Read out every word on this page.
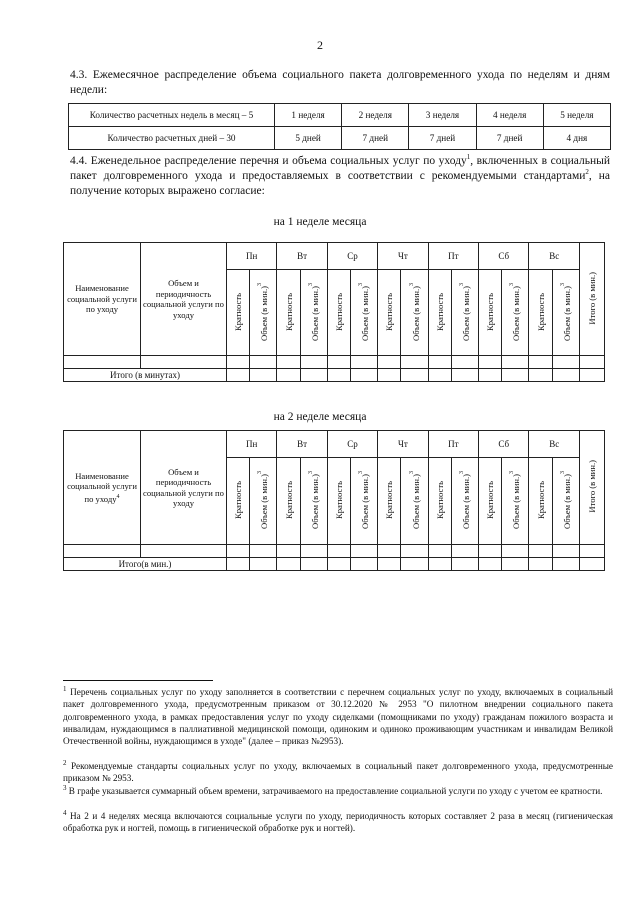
2
4.3. Ежемесячное распределение объема социального пакета долговременного ухода по неделям и дням недели:
Количество расчетных недель в месяц – 5	1 неделя	2 неделя	3 неделя	4 неделя	5 неделя
Количество расчетных дней – 30	5 дней	7 дней	7 дней	7 дней	4 дня
4.4. Еженедельное распределение перечня и объема социальных услуг по уходу$^1$, включенных в социальный пакет долговременного ухода и предоставляемых в соответствии с рекомендуемыми стандартами$^2$, на получение которых выражено согласие:
на 1 неделе месяца
Наименование социальной услуги по уходу	Объем и периодичность социальной услуги по уходу	Пн		Вт		Ср		Чт		Пт		Сб		Вс		Итого (в мин.)
		Кратность	Объем (в мин.)$^3$	Кратность	Объем (в мин.)$^3$	Кратность	Объем (в мин.)$^3$	Кратность	Объем (в мин.)$^3$	Кратность	Объем (в мин.)$^3$	Кратность	Объем (в мин.)$^3$	Кратность	Объем (в мин.)$^3$

Итого (в минутах)																
на 2 неделе месяца
Наименование социальной услуги по уходу$^4$	Объем и периодичность социальной услуги по уходу	Пн		Вт		Ср		Чт		Пт		Сб		Вс		Итого (в мин.)
		Кратность	Объем (в мин.)$^3$	Кратность	Объем (в мин.)$^3$	Кратность	Объем (в мин.)$^3$	Кратность	Объем (в мин.)$^3$	Кратность	Объем (в мин.)$^3$	Кратность	Объем (в мин.)$^3$	Кратность	Объем (в мин.)$^3$

Итого(в мин.)																
$^1$ Перечень социальных услуг по уходу заполняется в соответствии с перечнем социальных услуг по уходу, включаемых в социальный пакет долговременного ухода, предусмотренным приказом от 30.12.2020 № 2953 "О пилотном внедрении социального пакета долговременного ухода, в рамках предоставления услуг по уходу сиделками (помощниками по уходу) гражданам пожилого возраста и инвалидам, нуждающимся в паллиативной медицинской помощи, одиноким и одиноко проживающим участникам и инвалидам Великой Отечественной войны, нуждающимся в уходе" (далее – приказ №2953).
$^2$ Рекомендуемые стандарты социальных услуг по уходу, включаемых в социальный пакет долговременного ухода, предусмотренные приказом № 2953.
$^3$ В графе указывается суммарный объем времени, затрачиваемого на предоставление социальной услуги по уходу с учетом ее кратности.
$^4$ На 2 и 4 неделях месяца включаются социальные услуги по уходу, периодичность которых составляет 2 раза в месяц (гигиеническая обработка рук и ногтей, помощь в гигиенической обработке рук и ногтей).
